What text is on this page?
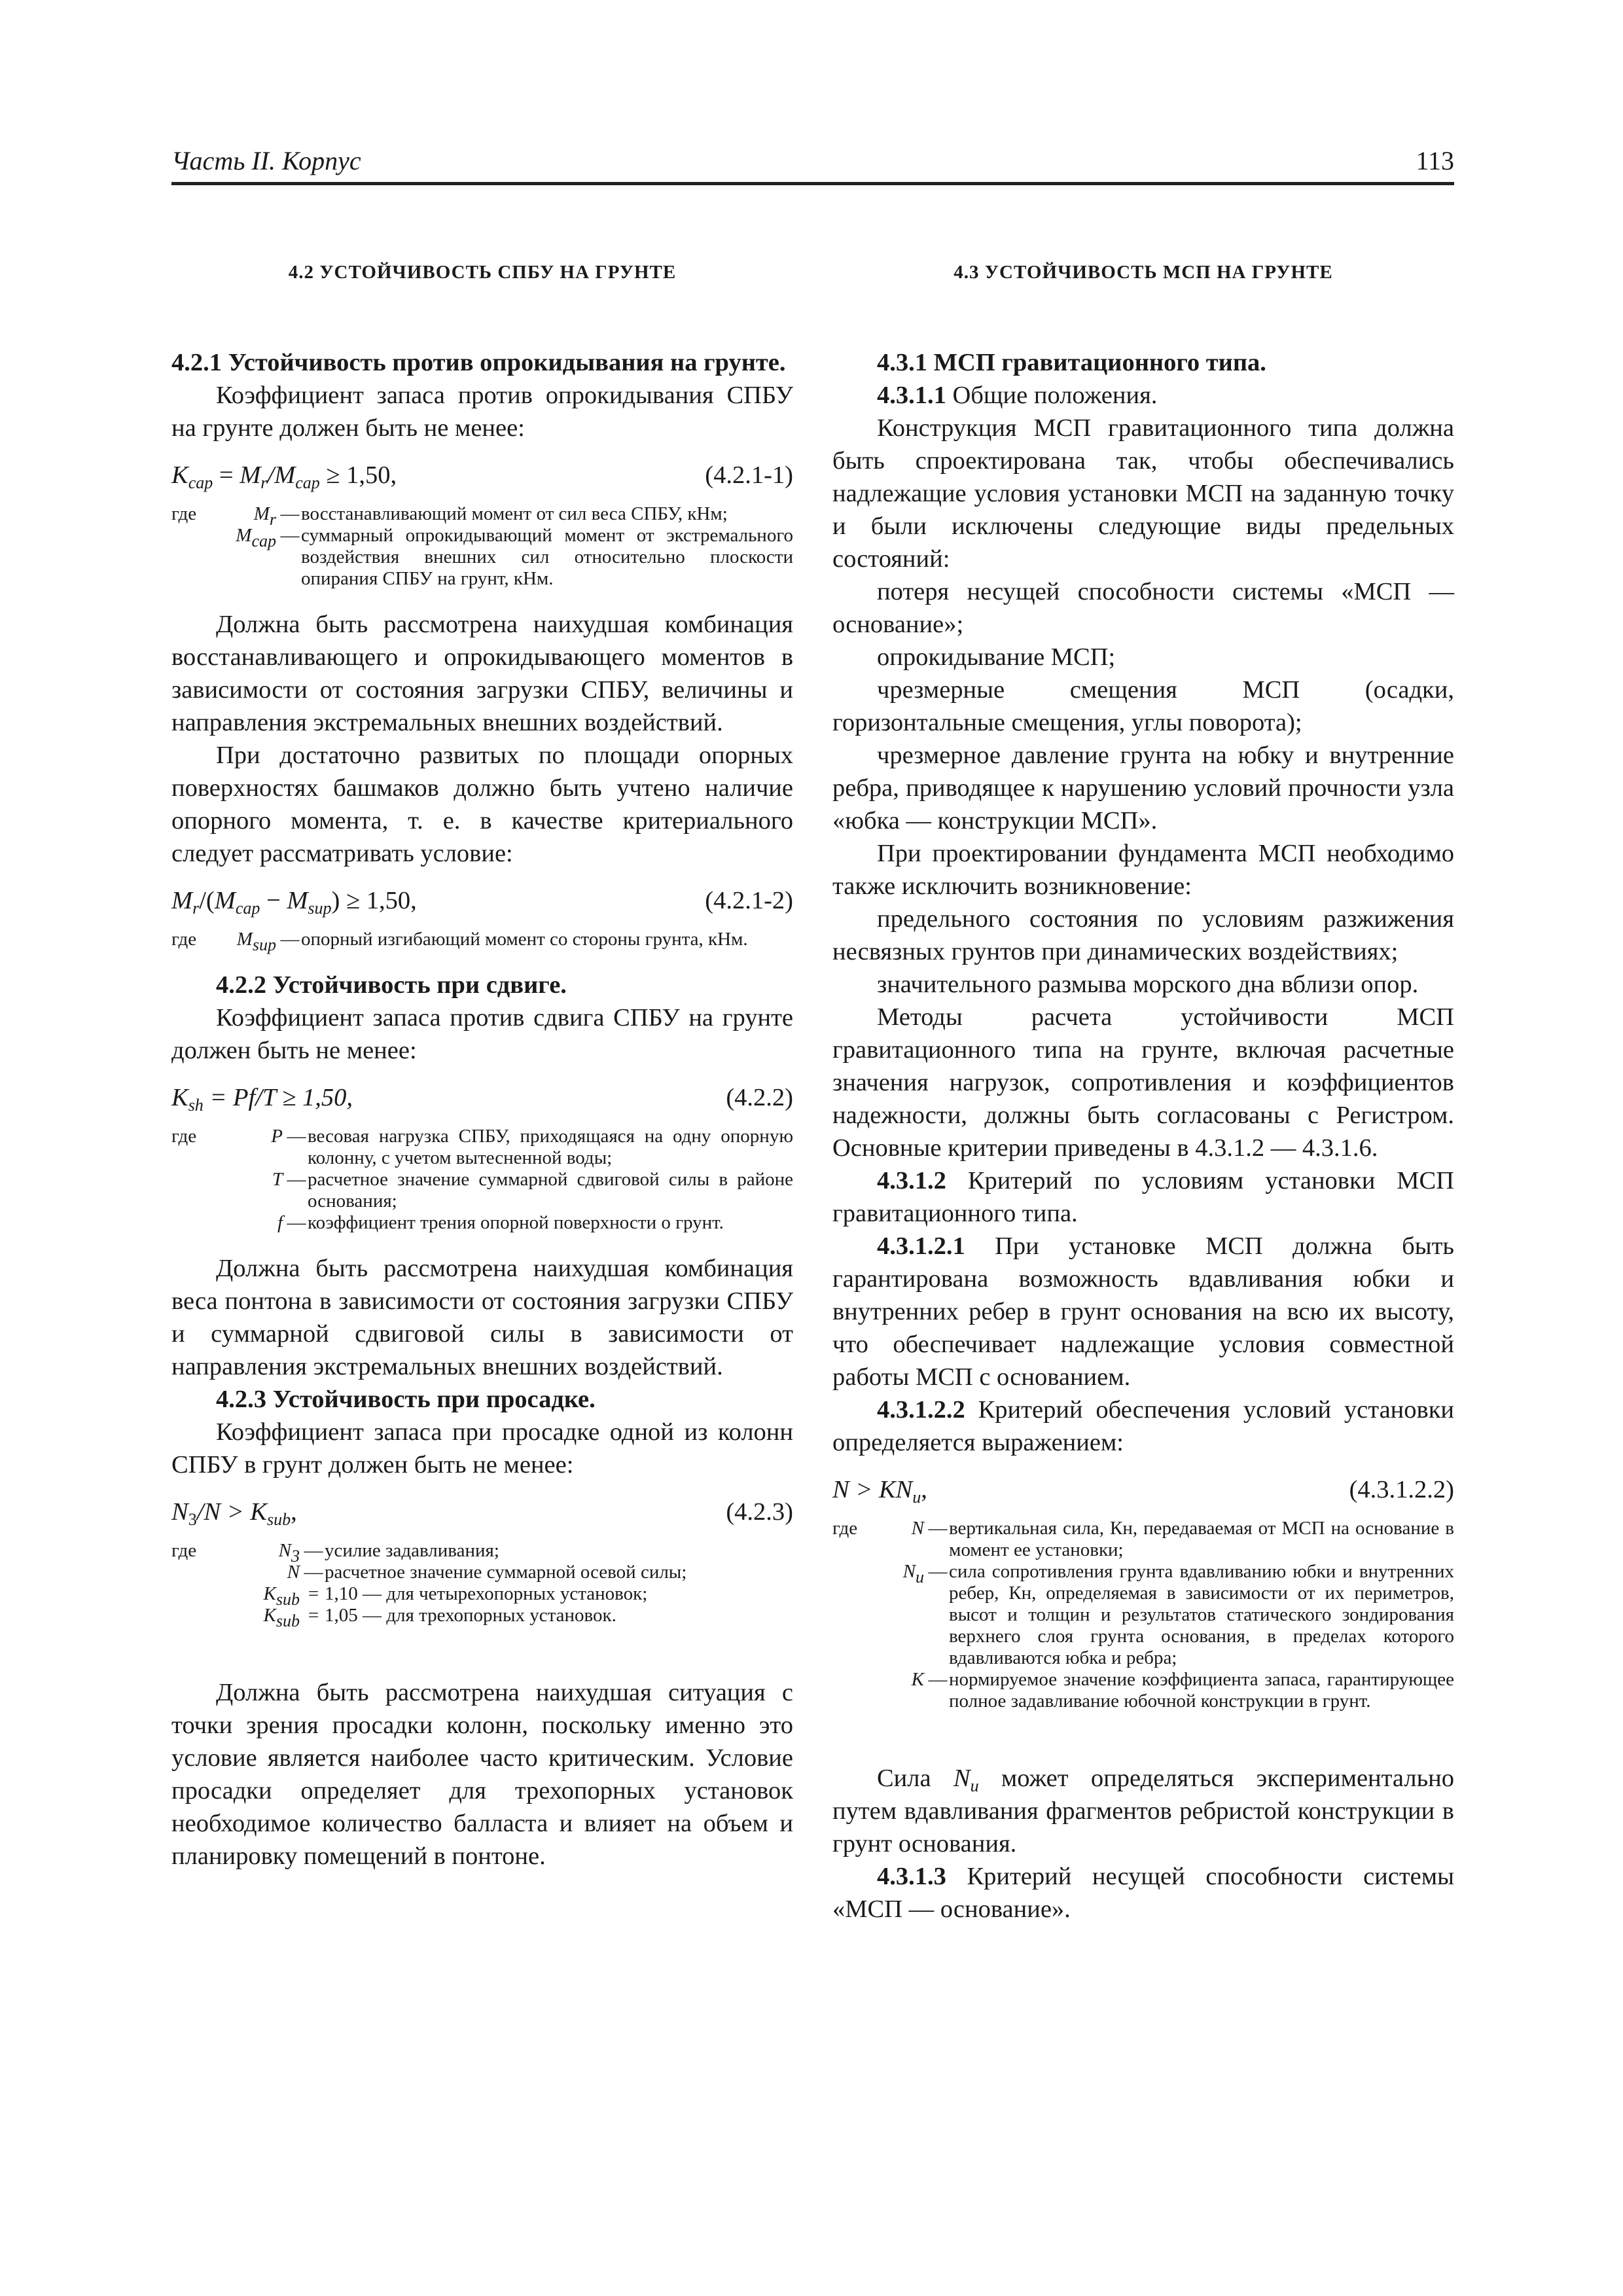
Часть II. Корпус	113
4.2 УСТОЙЧИВОСТЬ СПБУ НА ГРУНТЕ

4.2.1 Устойчивость против опрокидывания на грунте.

Коэффициент запаса против опрокидывания СПБУ на грунте должен быть не менее:

$K_{cap} = M_r/M_{cap} \ge 1,50$,	(4.2.1-1)
где	$M_r$ — восстанавливающий момент от сил веса СПБУ, кНм;
$M_{cap}$ — суммарный опрокидывающий момент от экстремального воздействия внешних сил относительно плоскости опирания СПБУ на грунт, кНм.

Должна быть рассмотрена наихудшая комбинация восстанавливающего и опрокидывающего моментов в зависимости от состояния загрузки СПБУ, величины и направления экстремальных внешних воздействий.

При достаточно развитых по площади опорных поверхностях башмаков должно быть учтено наличие опорного момента, т. е. в качестве критериального следует рассматривать условие:

$M_r/(M_{cap} - M_{sup}) \ge 1,50$,	(4.2.1-2)
где	$M_{sup}$ — опорный изгибающий момент со стороны грунта, кНм.

4.2.2 Устойчивость при сдвиге.

Коэффициент запаса против сдвига СПБУ на грунте должен быть не менее:

$K_{sh} = Pf/T \ge 1,50$,	(4.2.2)
где	P — весовая нагрузка СПБУ, приходящаяся на одну опорную колонну, с учетом вытесненной воды;
T — расчетное значение суммарной сдвиговой силы в районе основания;
f — коэффициент трения опорной поверхности о грунт.

Должна быть рассмотрена наихудшая комбинация веса понтона в зависимости от состояния загрузки СПБУ и суммарной сдвиговой силы в зависимости от направления экстремальных внешних воздействий.

4.2.3 Устойчивость при просадке.

Коэффициент запаса при просадке одной из колонн СПБУ в грунт должен быть не менее:

$N_3/N > K_{sub}$,	(4.2.3)
где	$N_3$ — усилие задавливания;
N — расчетное значение суммарной осевой силы;
$K_{sub} = 1,10$ — для четырехопорных установок;
$K_{sub} = 1,05$ — для трехопорных установок.

Должна быть рассмотрена наихудшая ситуация с точки зрения просадки колонн, поскольку именно это условие является наиболее часто критическим. Условие просадки определяет для трехопорных установок необходимое количество балласта и влияет на объем и планировку помещений в понтоне.

4.3 УСТОЙЧИВОСТЬ МСП НА ГРУНТЕ

4.3.1 МСП гравитационного типа.

4.3.1.1 Общие положения.

Конструкция МСП гравитационного типа должна быть спроектирована так, чтобы обеспечивались надлежащие условия установки МСП на заданную точку и были исключены следующие виды предельных состояний:

потеря несущей способности системы «МСП — основание»;

опрокидывание МСП;

чрезмерные смещения МСП (осадки, горизонтальные смещения, углы поворота);

чрезмерное давление грунта на юбку и внутренние ребра, приводящее к нарушению условий прочности узла «юбка — конструкции МСП».

При проектировании фундамента МСП необходимо также исключить возникновение:

предельного состояния по условиям разжижения несвязных грунтов при динамических воздействиях;

значительного размыва морского дна вблизи опор.

Методы расчета устойчивости МСП гравитационного типа на грунте, включая расчетные значения нагрузок, сопротивления и коэффициентов надежности, должны быть согласованы с Регистром. Основные критерии приведены в 4.3.1.2 — 4.3.1.6.

4.3.1.2 Критерий по условиям установки МСП гравитационного типа.

4.3.1.2.1 При установке МСП должна быть гарантирована возможность вдавливания юбки и внутренних ребер в грунт основания на всю их высоту, что обеспечивает надлежащие условия совместной работы МСП с основанием.

4.3.1.2.2 Критерий обеспечения условий установки определяется выражением:

$N > KN_u$,	(4.3.1.2.2)
где	N — вертикальная сила, Кн, передаваемая от МСП на основание в момент ее установки;
$N_u$ — сила сопротивления грунта вдавливанию юбки и внутренних ребер, Кн, определяемая в зависимости от их периметров, высот и толщин и результатов статического зондирования верхнего слоя грунта основания, в пределах которого вдавливаются юбка и ребра;
K — нормируемое значение коэффициента запаса, гарантирующее полное задавливание юбочной конструкции в грунт.

Сила $N_u$ может определяться экспериментально путем вдавливания фрагментов ребристой конструкции в грунт основания.

4.3.1.3 Критерий несущей способности системы «МСП — основание».
